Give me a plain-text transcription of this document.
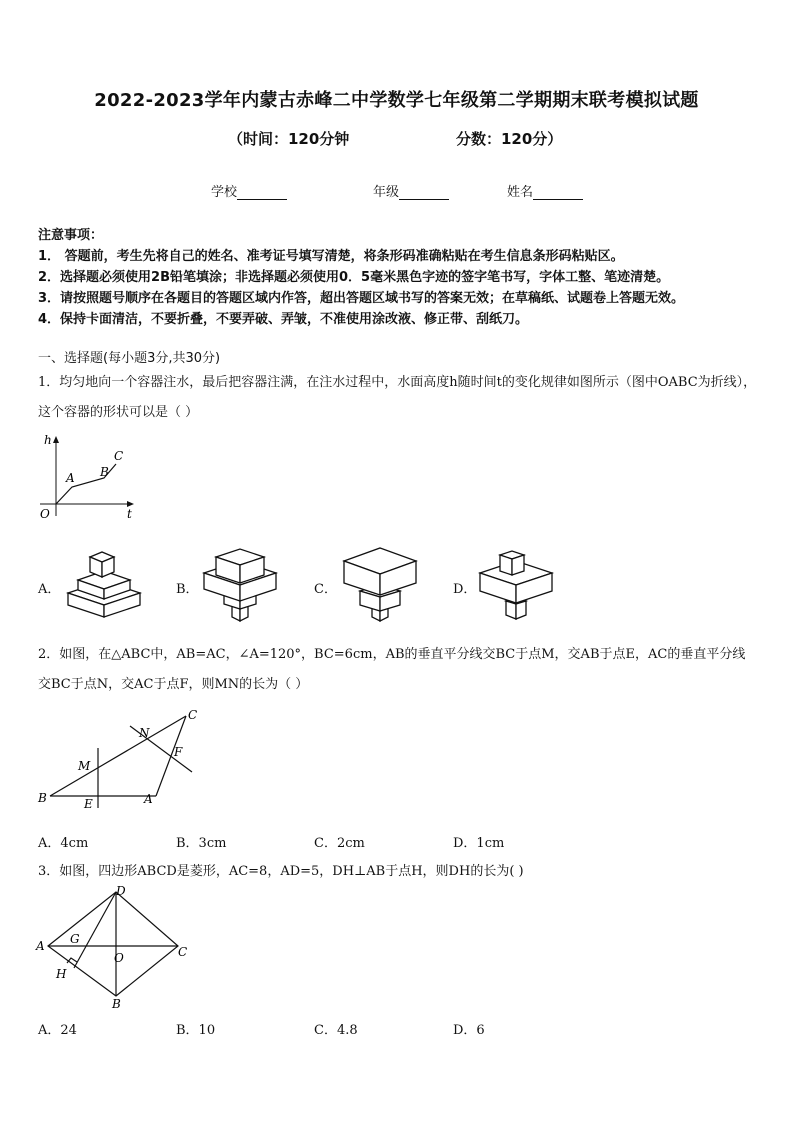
2022-2023学年内蒙古赤峰二中学数学七年级第二学期期末联考模拟试题
（时间：120分钟	分数：120分）
学校	年级	姓名
注意事项：
1． 答题前，考生先将自己的姓名、准考证号填写清楚，将条形码准确粘贴在考生信息条形码粘贴区。
2．选择题必须使用2B铅笔填涂；非选择题必须使用0．5毫米黑色字迹的签字笔书写，字体工整、笔迹清楚。
3．请按照题号顺序在各题目的答题区域内作答，超出答题区域书写的答案无效；在草稿纸、试题卷上答题无效。
4．保持卡面清洁，不要折叠，不要弄破、弄皱，不准使用涂改液、修正带、刮纸刀。
一、选择题(每小题3分,共30分)
1．均匀地向一个容器注水，最后把容器注满，在注水过程中，水面高度h随时间t的变化规律如图所示（图中OABC为折线），这个容器的形状可以是（ ）
h
t
O
A B
C
A．	B．	C．	D．
2．如图，在△ABC中，AB=AC，∠A=120°，BC=6cm，AB的垂直平分线交BC于点M，交AB于点E，AC的垂直平分线交BC于点N，交AC于点F，则MN的长为（ ）
B
C
A
M
N
E
F
A．4cm	B．3cm	C．2cm	D．1cm
3．如图，四边形ABCD是菱形，AC=8，AD=5，DH⊥AB于点H，则DH的长为( )
A
B
C
D
G
H
O
A．24	B．10	C．4.8	D．6
